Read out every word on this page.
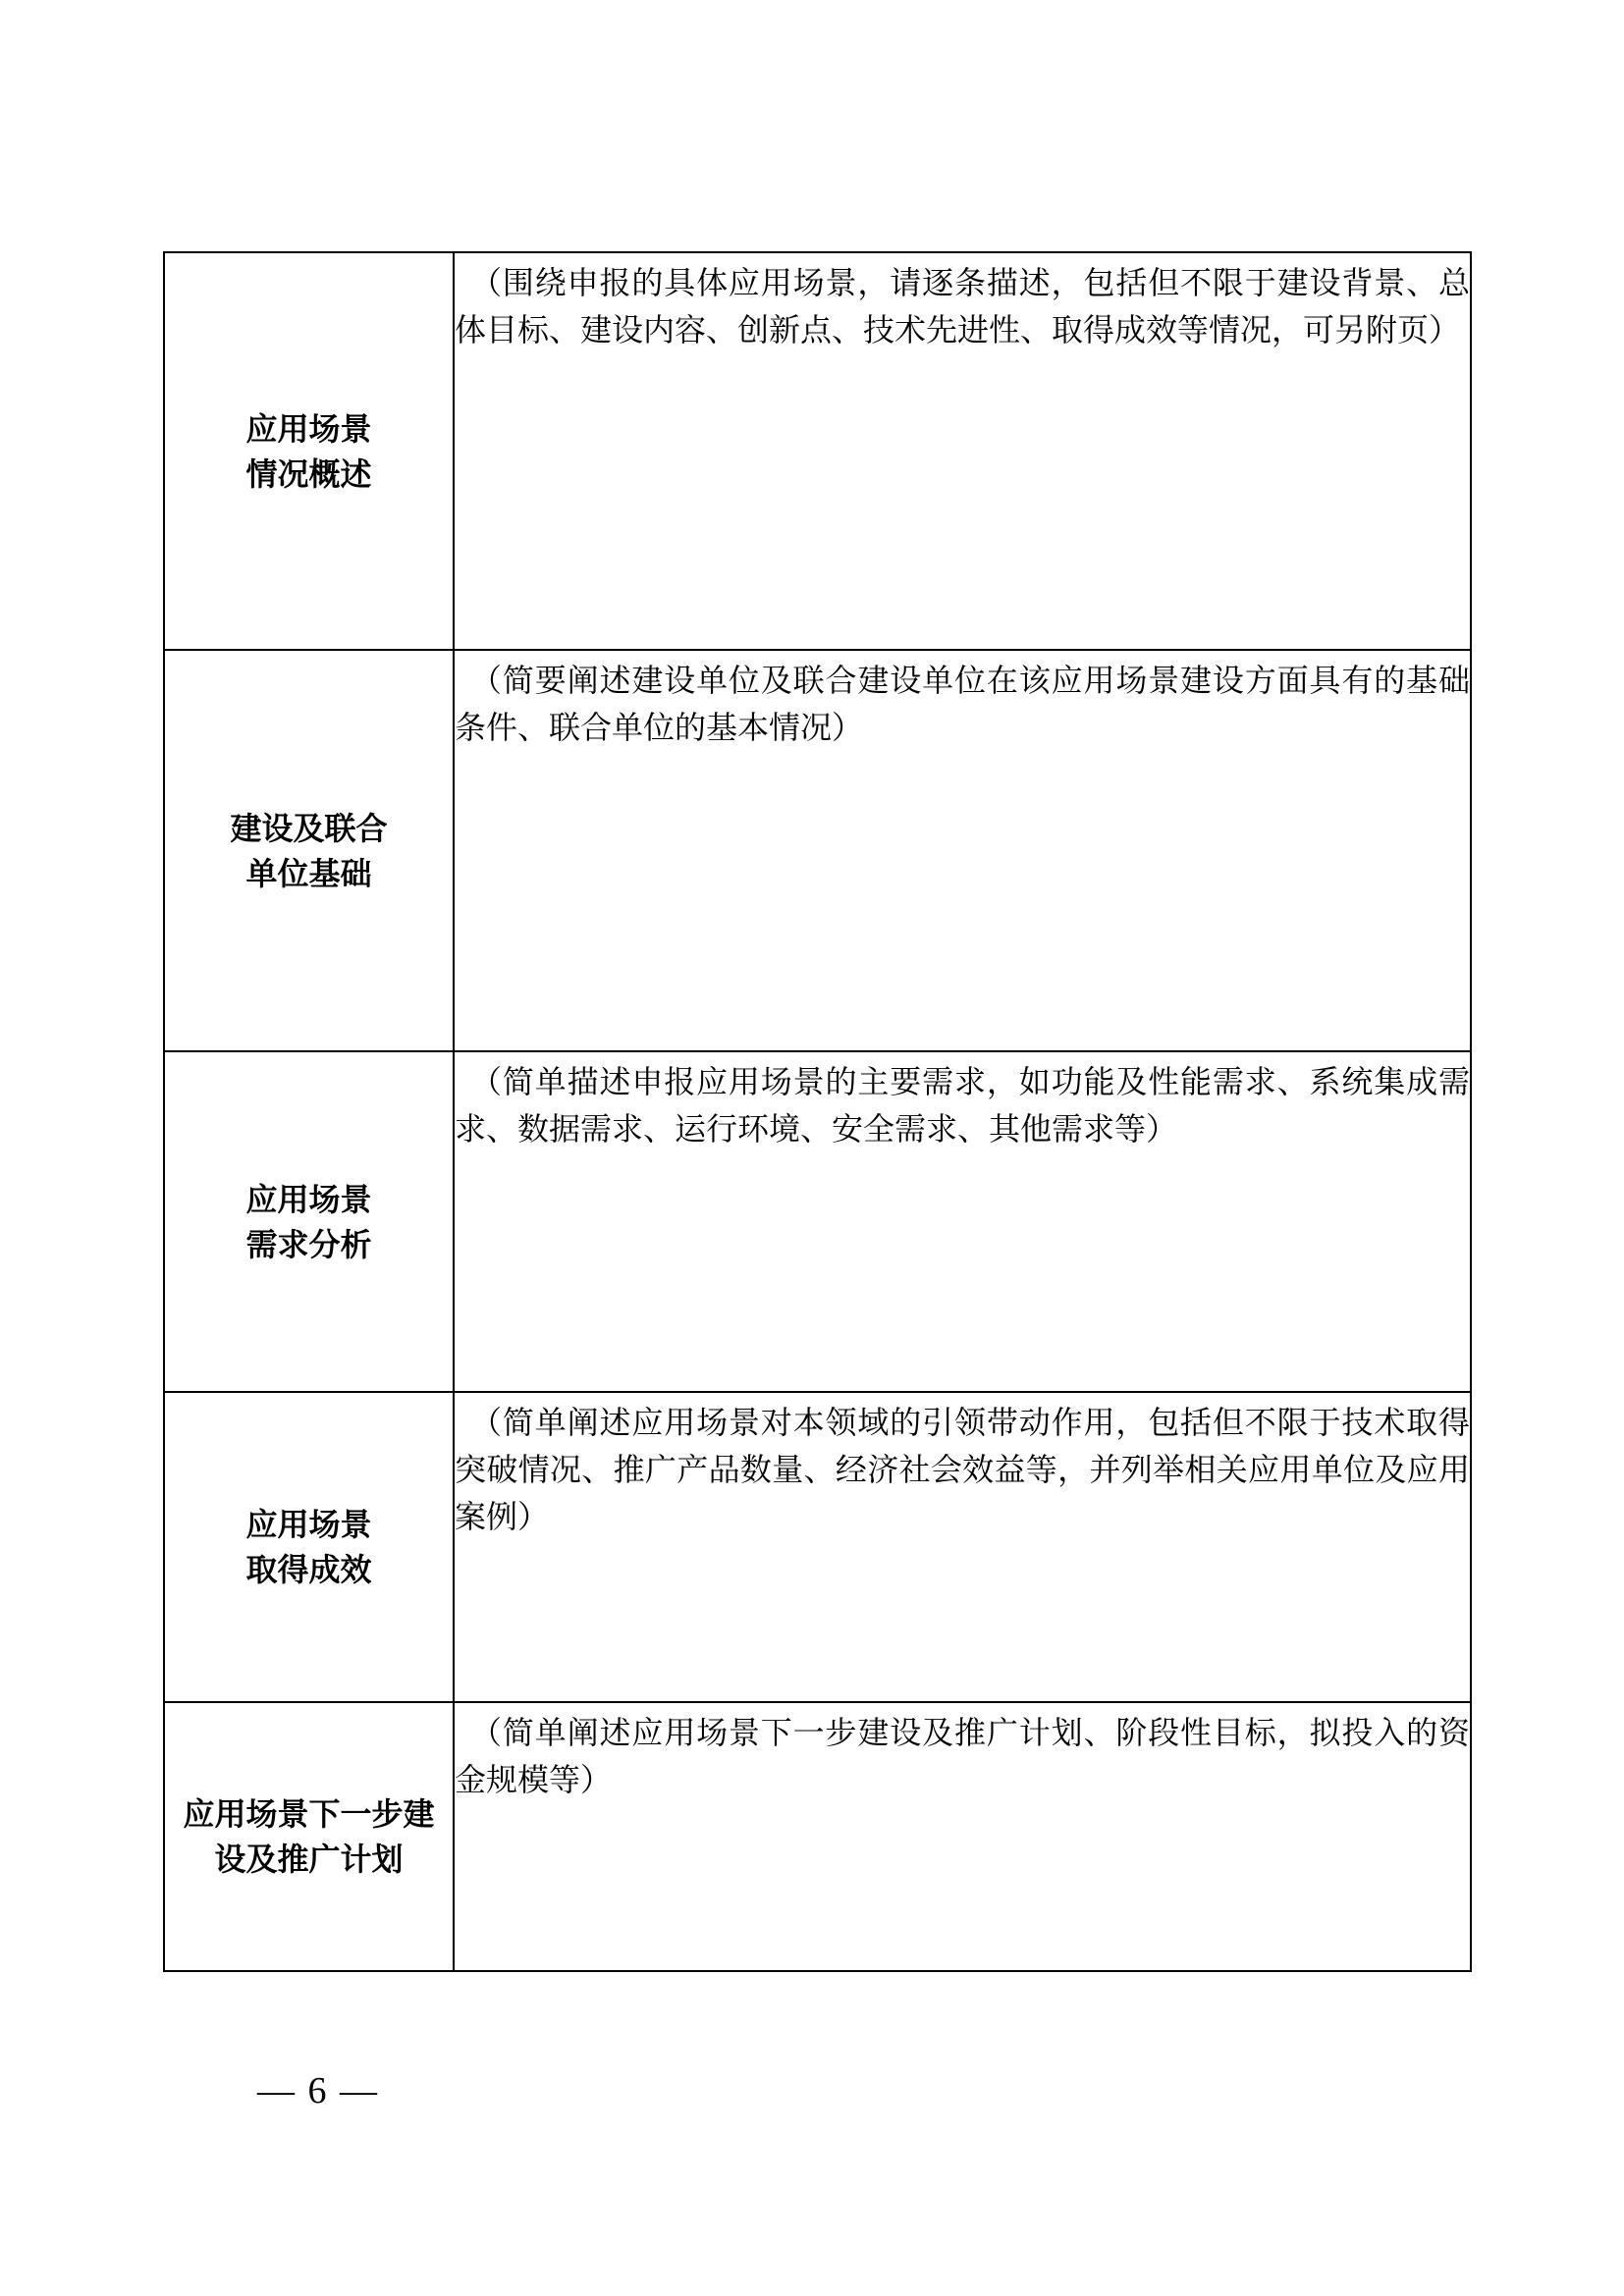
应用场景
情况概述	（围绕申报的具体应用场景，请逐条描述，包括但不限于建设背景、总体目标、建设内容、创新点、技术先进性、取得成效等情况，可另附页）

建设及联合
单位基础	（简要阐述建设单位及联合建设单位在该应用场景建设方面具有的基础条件、联合单位的基本情况）

应用场景
需求分析	（简单描述申报应用场景的主要需求，如功能及性能需求、系统集成需求、数据需求、运行环境、安全需求、其他需求等）

应用场景
取得成效	（简单阐述应用场景对本领域的引领带动作用，包括但不限于技术取得突破情况、推广产品数量、经济社会效益等，并列举相关应用单位及应用案例）

应用场景下一步建
设及推广计划	（简单阐述应用场景下一步建设及推广计划、阶段性目标，拟投入的资金规模等）
— 6 —
